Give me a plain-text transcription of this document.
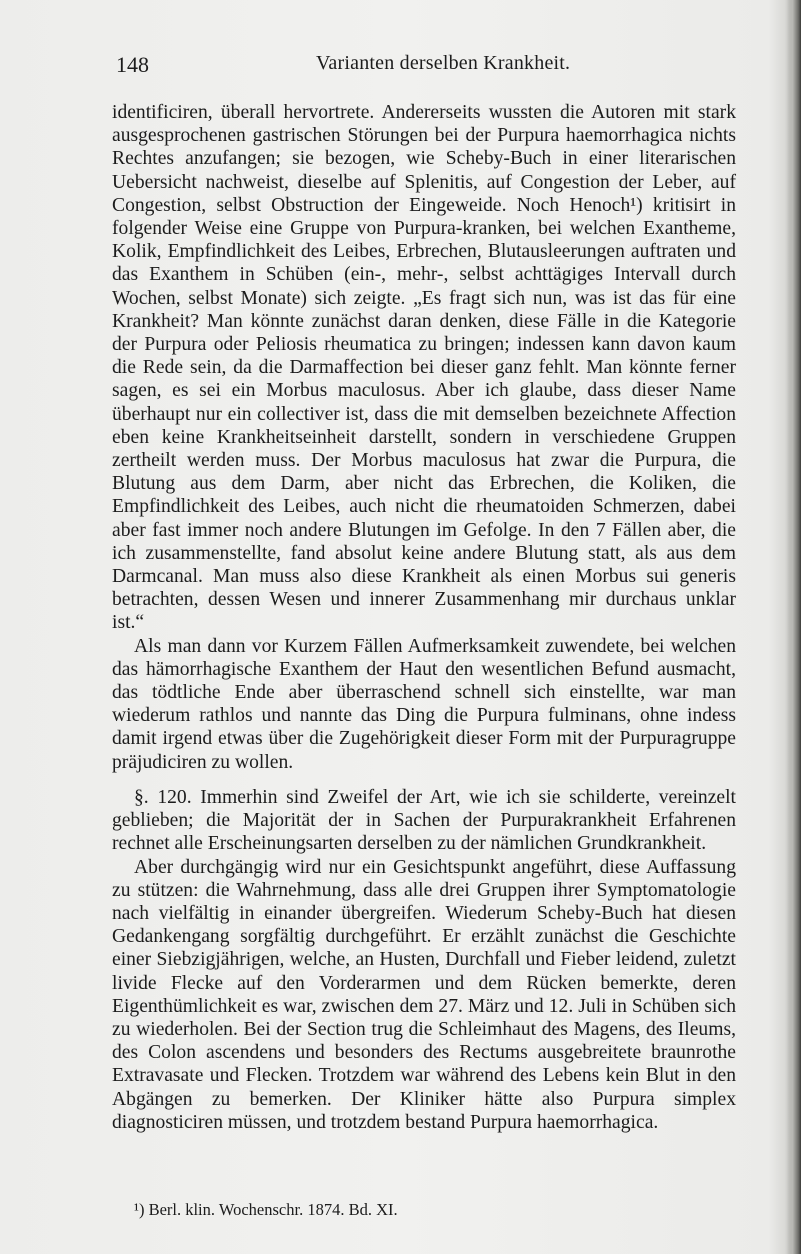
148	Varianten derselben Krankheit.

identificiren, überall hervortrete. Andererseits wussten die Autoren mit stark ausgesprochenen gastrischen Störungen bei der Purpura haemorrhagica nichts Rechtes anzufangen; sie bezogen, wie Scheby-Buch in einer literarischen Uebersicht nachweist, dieselbe auf Splenitis, auf Congestion der Leber, auf Congestion, selbst Obstruction der Eingeweide. Noch Henoch¹) kritisirt in folgender Weise eine Gruppe von Purpura-kranken, bei welchen Exantheme, Kolik, Empfindlichkeit des Leibes, Erbrechen, Blutausleerungen auftraten und das Exanthem in Schüben (ein-, mehr-, selbst achttägiges Intervall durch Wochen, selbst Monate) sich zeigte. „Es fragt sich nun, was ist das für eine Krankheit? Man könnte zunächst daran denken, diese Fälle in die Kategorie der Purpura oder Peliosis rheumatica zu bringen; indessen kann davon kaum die Rede sein, da die Darmaffection bei dieser ganz fehlt. Man könnte ferner sagen, es sei ein Morbus maculosus. Aber ich glaube, dass dieser Name überhaupt nur ein collectiver ist, dass die mit demselben bezeichnete Affection eben keine Krankheitseinheit darstellt, sondern in verschiedene Gruppen zertheilt werden muss. Der Morbus maculosus hat zwar die Purpura, die Blutung aus dem Darm, aber nicht das Erbrechen, die Koliken, die Empfindlichkeit des Leibes, auch nicht die rheumatoiden Schmerzen, dabei aber fast immer noch andere Blutungen im Gefolge. In den 7 Fällen aber, die ich zusammenstellte, fand absolut keine andere Blutung statt, als aus dem Darmcanal. Man muss also diese Krankheit als einen Morbus sui generis betrachten, dessen Wesen und innerer Zusammenhang mir durchaus unklar ist.“

Als man dann vor Kurzem Fällen Aufmerksamkeit zuwendete, bei welchen das hämorrhagische Exanthem der Haut den wesentlichen Befund ausmacht, das tödtliche Ende aber überraschend schnell sich einstellte, war man wiederum rathlos und nannte das Ding die Purpura fulminans, ohne indess damit irgend etwas über die Zugehörigkeit dieser Form mit der Purpuragruppe präjudiciren zu wollen.

§. 120. Immerhin sind Zweifel der Art, wie ich sie schilderte, vereinzelt geblieben; die Majorität der in Sachen der Purpurakrankheit Erfahrenen rechnet alle Erscheinungsarten derselben zu der nämlichen Grundkrankheit.

Aber durchgängig wird nur ein Gesichtspunkt angeführt, diese Auffassung zu stützen: die Wahrnehmung, dass alle drei Gruppen ihrer Symptomatologie nach vielfältig in einander übergreifen. Wiederum Scheby-Buch hat diesen Gedankengang sorgfältig durchgeführt. Er erzählt zunächst die Geschichte einer Siebzigjährigen, welche, an Husten, Durchfall und Fieber leidend, zuletzt livide Flecke auf den Vorderarmen und dem Rücken bemerkte, deren Eigenthümlichkeit es war, zwischen dem 27. März und 12. Juli in Schüben sich zu wiederholen. Bei der Section trug die Schleimhaut des Magens, des Ileums, des Colon ascendens und besonders des Rectums ausgebreitete braunrothe Extravasate und Flecken. Trotzdem war während des Lebens kein Blut in den Abgängen zu bemerken. Der Kliniker hätte also Purpura simplex diagnosticiren müssen, und trotzdem bestand Purpura haemorrhagica.

¹) Berl. klin. Wochenschr. 1874. Bd. XI.
